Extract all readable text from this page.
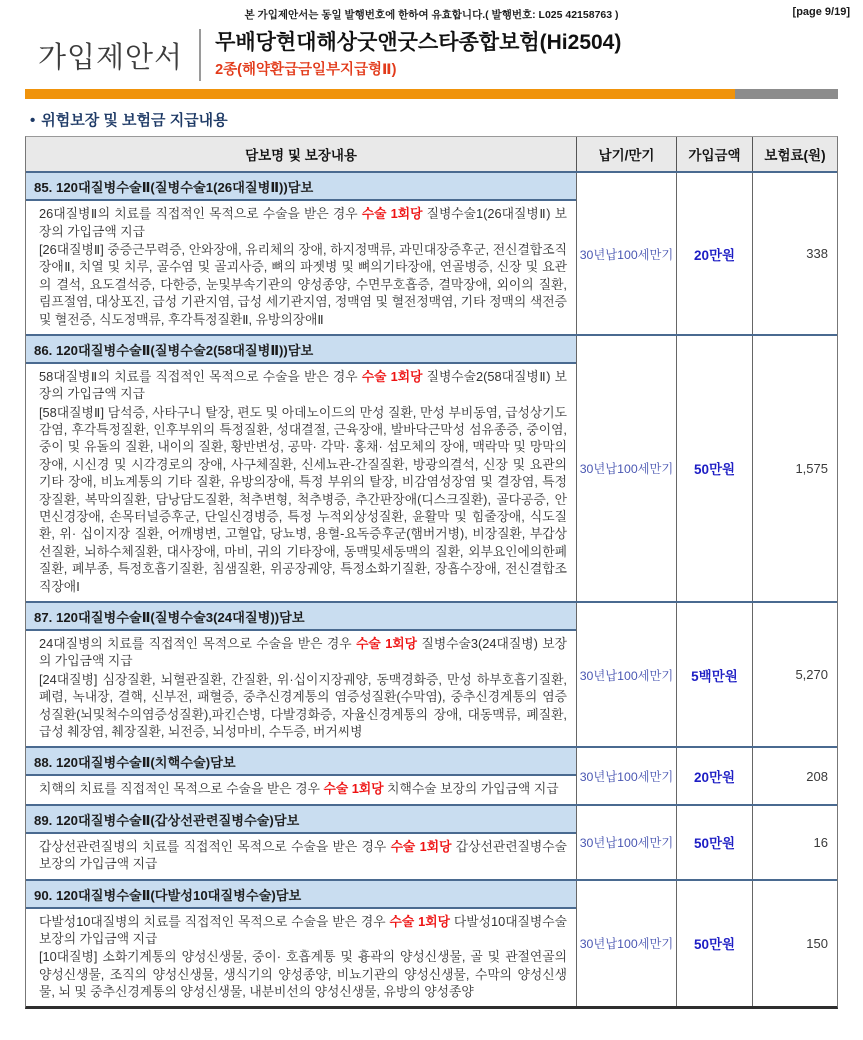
본 가입제안서는 동일 발행번호에 한하여 유효합니다.( 발행번호: L025 42158763 )	[page 9/19]
가입제안서	무배당현대해상굿앤굿스타종합보험(Hi2504)
2종(해약환급금일부지급형Ⅱ)
• 위험보장 및 보험금 지급내용
담보명 및 보장내용	납기/만기	가입금액	보험료(원)
85. 120대질병수술Ⅱ(질병수술1(26대질병Ⅱ))담보
26대질병Ⅱ의 치료를 직접적인 목적으로 수술을 받은 경우 수술 1회당 질병수술1(26대질병Ⅱ) 보장의 가입금액 지급
[26대질병Ⅱ] 중증근무력증, 안와장애, 유리체의 장애, 하지정맥류, 과민대장증후군, 전신결합조직장애Ⅱ, 치열 및 치루, 골수염 및 골괴사증, 뼈의 파젯병 및 뼈의기타장애, 연골병증, 신장 및 요관의 결석, 요도결석증, 다한증, 눈및부속기관의 양성종양, 수면무호흡증, 결막장애, 외이의 질환, 림프절염, 대상포진, 급성 기관지염, 급성 세기관지염, 정맥염 및 혈전정맥염, 기타 정맥의 색전증 및 혈전증, 식도정맥류, 후각특정질환Ⅱ, 유방의장애Ⅱ
30년납100세만기	20만원	338
86. 120대질병수술Ⅱ(질병수술2(58대질병Ⅱ))담보
58대질병Ⅱ의 치료를 직접적인 목적으로 수술을 받은 경우 수술 1회당 질병수술2(58대질병Ⅱ) 보장의 가입금액 지급
[58대질병Ⅱ] 담석증, 사타구니 탈장, 편도 및 아데노이드의 만성 질환, 만성 부비동염, 급성상기도감염, 후각특정질환, 인후부위의 특정질환, 성대결절, 근육장애, 발바닥근막성 섬유종증, 중이염, 중이 및 유돌의 질환, 내이의 질환, 황반변성, 공막· 각막· 홍채· 섬모체의 장애, 맥락막 및 망막의 장애, 시신경 및 시각경로의 장애, 사구체질환, 신세뇨관-간질질환, 방광의결석, 신장 및 요관의 기타 장애, 비뇨계통의 기타 질환, 유방의장애, 특정 부위의 탈장, 비감염성장염 및 결장염, 특정장질환, 복막의질환, 담낭담도질환, 척추변형, 척추병증, 추간판장애(디스크질환), 골다공증, 안면신경장애, 손목터널증후군, 단일신경병증, 특정 누적외상성질환, 윤활막 및 힘줄장애, 식도질환, 위· 십이지장 질환, 어깨병변, 고혈압, 당뇨병, 용혈-요독증후군(햄버거병), 비장질환, 부갑상선질환, 뇌하수체질환, 대사장애, 마비, 귀의 기타장애, 동맥및세동맥의 질환, 외부요인에의한폐질환, 폐부종, 특정호흡기질환, 침샘질환, 위공장궤양, 특정소화기질환, 장흡수장애, 전신결합조직장애Ⅰ
30년납100세만기	50만원	1,575
87. 120대질병수술Ⅱ(질병수술3(24대질병))담보
24대질병의 치료를 직접적인 목적으로 수술을 받은 경우 수술 1회당 질병수술3(24대질병) 보장의 가입금액 지급
[24대질병] 심장질환, 뇌혈관질환, 간질환, 위·십이지장궤양, 동맥경화증, 만성 하부호흡기질환, 폐렴, 녹내장, 결핵, 신부전, 패혈증, 중추신경계통의 염증성질환(수막염), 중추신경계통의 염증성질환(뇌및척수의염증성질환),파킨슨병, 다발경화증, 자율신경계통의 장애, 대동맥류, 폐질환, 급성 췌장염, 췌장질환, 뇌전증, 뇌성마비, 수두증, 버거씨병
30년납100세만기	5백만원	5,270
88. 120대질병수술Ⅱ(치핵수술)담보
치핵의 치료를 직접적인 목적으로 수술을 받은 경우 수술 1회당 치핵수술 보장의 가입금액 지급
30년납100세만기	20만원	208
89. 120대질병수술Ⅱ(갑상선관련질병수술)담보
갑상선관련질병의 치료를 직접적인 목적으로 수술을 받은 경우 수술 1회당 갑상선관련질병수술 보장의 가입금액 지급
30년납100세만기	50만원	16
90. 120대질병수술Ⅱ(다발성10대질병수술)담보
다발성10대질병의 치료를 직접적인 목적으로 수술을 받은 경우 수술 1회당 다발성10대질병수술 보장의 가입금액 지급
[10대질병] 소화기계통의 양성신생물, 중이· 호흡계통 및 흉곽의 양성신생물, 골 및 관절연골의 양성신생물, 조직의 양성신생물, 생식기의 양성종양, 비뇨기관의 양성신생물, 수막의 양성신생물, 뇌 및 중추신경계통의 양성신생물, 내분비선의 양성신생물, 유방의 양성종양
30년납100세만기	50만원	150
